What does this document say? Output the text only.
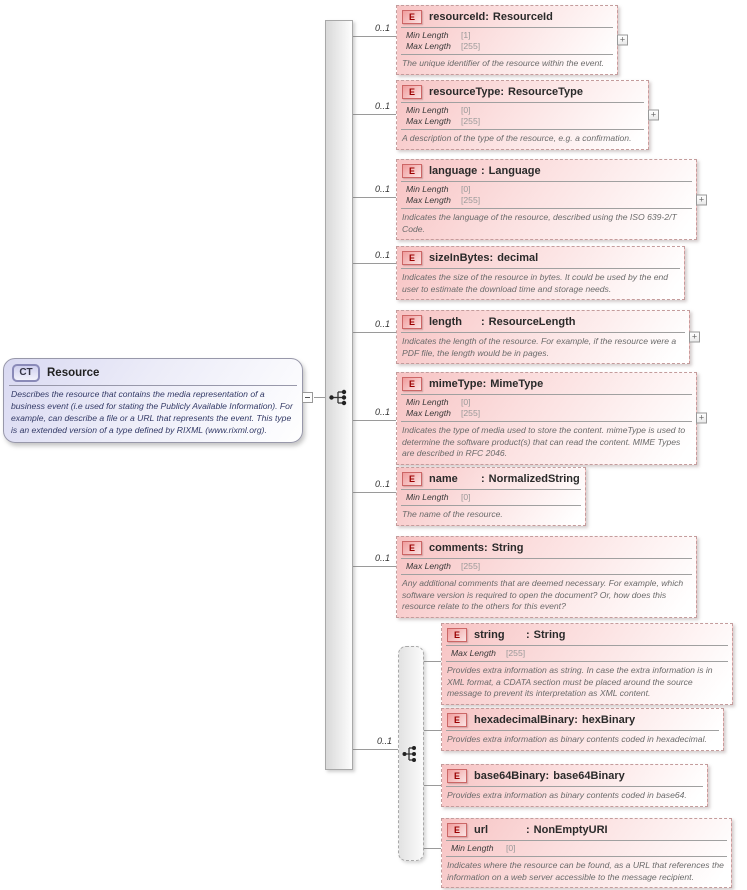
0..1
0..1
0..1
0..1
0..1
0..1
0..1
0..1
0..1
CT	Resource
Describes the resource that contains the media representation of a business event (i.e used for stating the Publicly Available Information). For example, can describe a file or a URL that represents the event. This type is an extended version of a type defined by RIXML (www.rixml.org).
E	resourceId : ResourceId
Min Length [1]
Max Length [255]
The unique identifier of the resource within the event.
+
E	resourceType : ResourceType
Min Length [0]
Max Length [255]
A description of the type of the resource, e.g. a confirmation.
+
E	language : Language
Min Length [0]
Max Length [255]
Indicates the language of the resource, described using the ISO 639-2/T Code.
+
E	sizeInBytes : decimal
Indicates the size of the resource in bytes. It could be used by the end user to estimate the download time and storage needs.
E	length	: ResourceLength
Indicates the length of the resource. For example, if the resource were a PDF file, the length would be in pages.
+
E	mimeType : MimeType
Min Length [0]
Max Length [255]
Indicates the type of media used to store the content. mimeType is used to determine the software product(s) that can read the content. MIME Types are described in RFC 2046.
+
E	name	: NormalizedString
Min Length [0]
The name of the resource.
E	comments : String
Max Length [255]
Any additional comments that are deemed necessary. For example, which software version is required to open the document? Or, how does this resource relate to the others for this event?
E	string	: String
Max Length [255]
Provides extra information as string. In case the extra information is in XML format, a CDATA section must be placed around the source message to prevent its interpretation as XML content.
E	hexadecimalBinary : hexBinary
Provides extra information as binary contents coded in hexadecimal.
E	base64Binary : base64Binary
Provides extra information as binary contents coded in base64.
E	url	: NonEmptyURI
Min Length [0]
Indicates where the resource can be found, as a URL that references the information on a web server accessible to the message recipient.
